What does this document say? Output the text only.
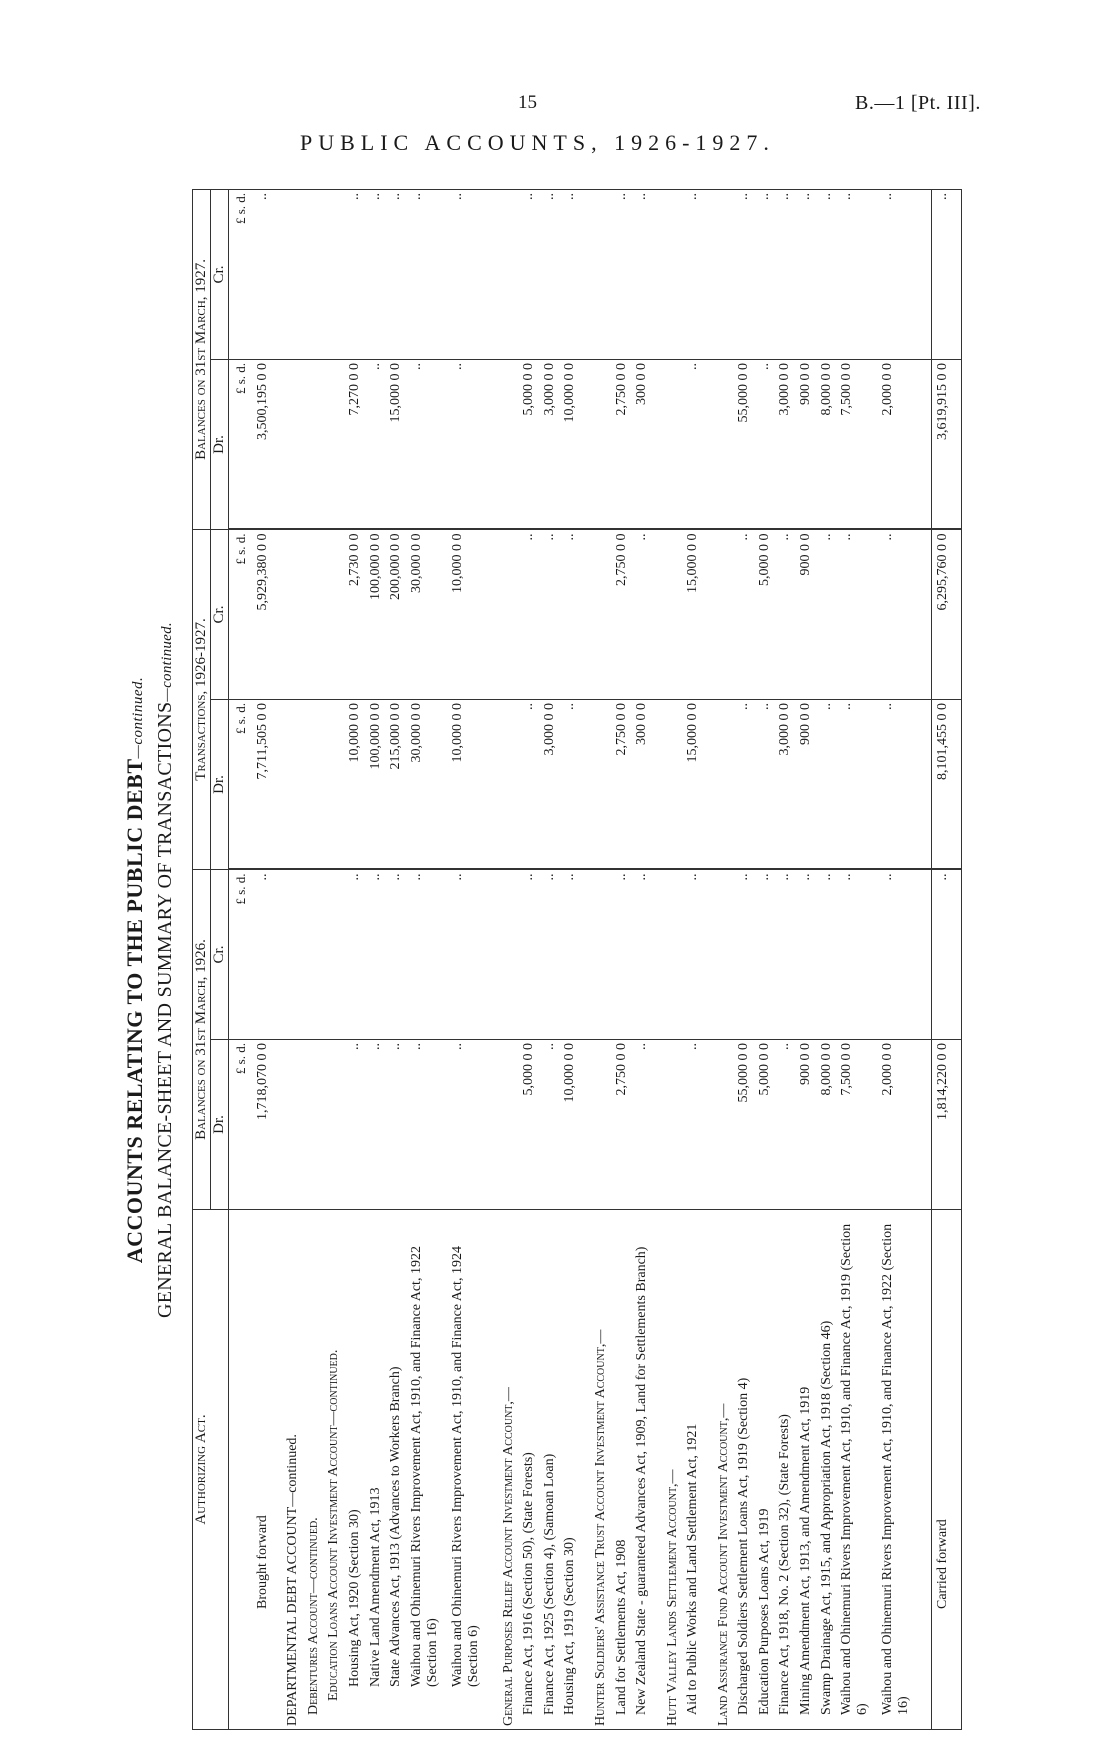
15	B.—1 [Pt. III].
PUBLIC ACCOUNTS, 1926-1927.
ACCOUNTS RELATING TO THE PUBLIC DEBT—continued. GENERAL BALANCE-SHEET AND SUMMARY OF TRANSACTIONS—continued.
Authorizing Act.	Balances on 31st March, 1926.		Transactions, 1926-1927.		Balances on 31st March, 1927.	
	Dr.	Cr.	Dr.	Cr.	Dr.	Cr.
	£ s. d.	£ s. d.	£ s. d.	£ s. d.	£ s. d.	£ s. d.
Brought forward	1,718,070 0 0	..	7,711,505 0 0	5,929,380 0 0	3,500,195 0 0	..

DEPARTMENTAL DEBT ACCOUNT—continued.						
Debentures Account—continued.						
Education Loans Account Investment Account—continued.						
Housing Act, 1920 (Section 30)	..	..	10,000 0 0	2,730 0 0	7,270 0 0	..
Native Land Amendment Act, 1913	..	..	100,000 0 0	100,000 0 0	..	..
State Advances Act, 1913 (Advances to Workers Branch)	..	..	215,000 0 0	200,000 0 0	15,000 0 0	..
Waihou and Ohinemuri Rivers Improvement Act, 1910, and Finance Act, 1922 (Section 16)	..	..	30,000 0 0	30,000 0 0	..	..
Waihou and Ohinemuri Rivers Improvement Act, 1910, and Finance Act, 1924 (Section 6)	..	..	10,000 0 0	10,000 0 0	..	..

General Purposes Relief Account Investment Account,—						
Finance Act, 1916 (Section 50), (State Forests)	5,000 0 0	..	..	..	5,000 0 0	..
Finance Act, 1925 (Section 4), (Samoan Loan)	..	..	3,000 0 0	..	3,000 0 0	..
Housing Act, 1919 (Section 30)	10,000 0 0	..	..	..	10,000 0 0	..

Hunter Soldiers' Assistance Trust Account Investment Account,—						
Land for Settlements Act, 1908	2,750 0 0	..	2,750 0 0	2,750 0 0	2,750 0 0	..
New Zealand State - guaranteed Advances Act, 1909, Land for Settlements Branch)	..	..	300 0 0	..	300 0 0	..

Hutt Valley Lands Settlement Account,—						
Aid to Public Works and Land Settlement Act, 1921	..	..	15,000 0 0	15,000 0 0	..	..

Land Assurance Fund Account Investment Account,—						
Discharged Soldiers Settlement Loans Act, 1919 (Section 4)	55,000 0 0	..	..	..	55,000 0 0	..
Education Purposes Loans Act, 1919	5,000 0 0	..	..	5,000 0 0	..	..
Finance Act, 1918, No. 2 (Section 32), (State Forests)	..	..	3,000 0 0	..	3,000 0 0	..
Mining Amendment Act, 1913, and Amendment Act, 1919	900 0 0	..	900 0 0	900 0 0	900 0 0	..
Swamp Drainage Act, 1915, and Appropriation Act, 1918 (Section 46)	8,000 0 0	..	..	..	8,000 0 0	..
Waihou and Ohinemuri Rivers Improvement Act, 1910, and Finance Act, 1919 (Section 6)	7,500 0 0	..	..	..	7,500 0 0	..
Waihou and Ohinemuri Rivers Improvement Act, 1910, and Finance Act, 1922 (Section 16)	2,000 0 0	..	..	..	2,000 0 0	..

Carried forward	1,814,220 0 0	..	8,101,455 0 0	6,295,760 0 0	3,619,915 0 0	..
